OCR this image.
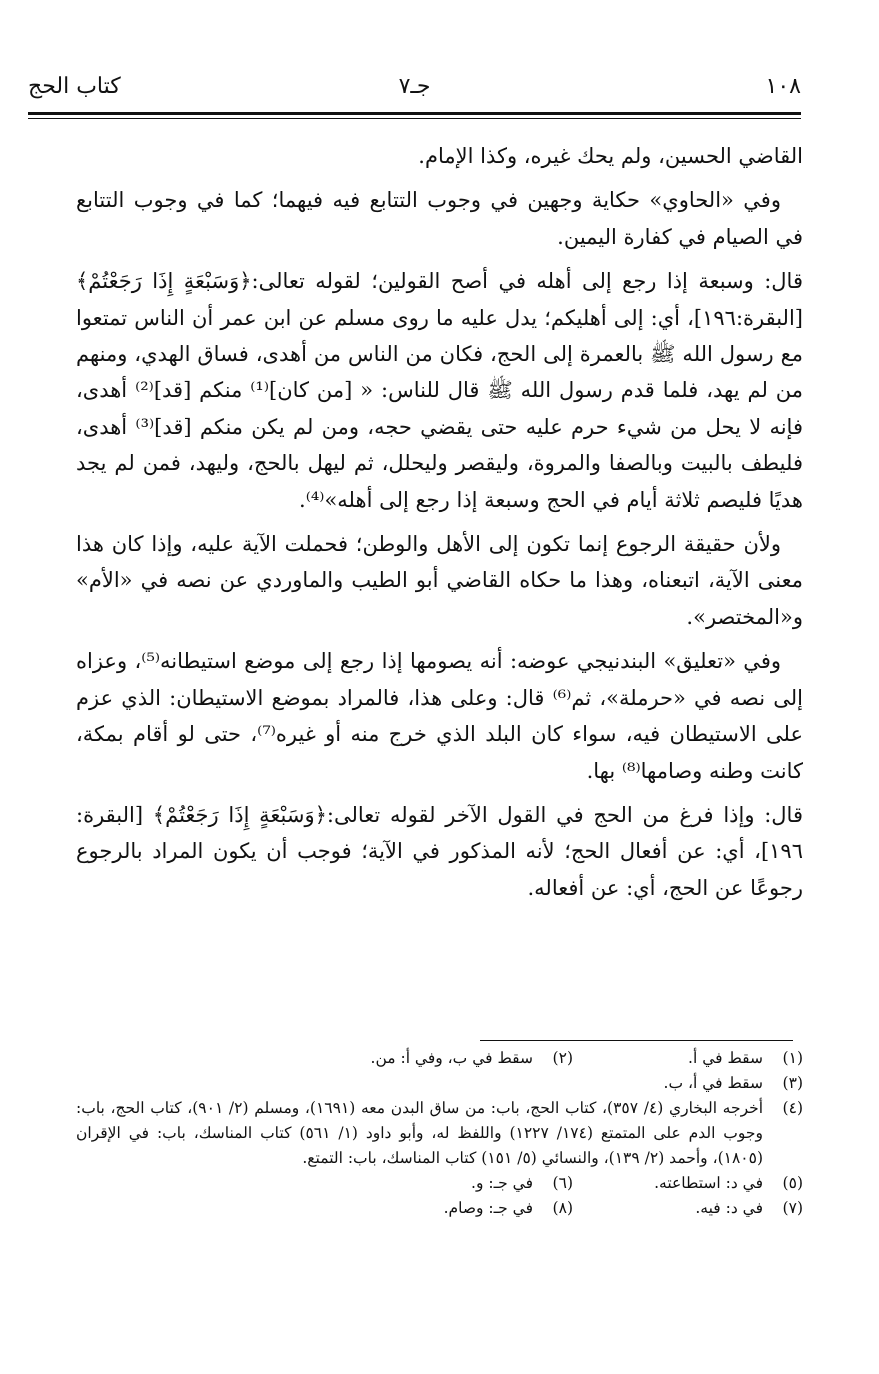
كتاب الحج	جـ٧	١٠٨

القاضي الحسين، ولم يحك غيره، وكذا الإمام.

وفي «الحاوي» حكاية وجهين في وجوب التتابع فيه فيهما؛ كما في وجوب التتابع في الصيام في كفارة اليمين.

قال: وسبعة إذا رجع إلى أهله في أصح القولين؛ لقوله تعالى:﴿وَسَبْعَةٍ إِذَا رَجَعْتُمْ﴾ [البقرة:١٩٦]، أي: إلى أهليكم؛ يدل عليه ما روى مسلم عن ابن عمر أن الناس تمتعوا مع رسول الله ﷺ بالعمرة إلى الحج، فكان من الناس من أهدى، فساق الهدي، ومنهم من لم يهد، فلما قدم رسول الله ﷺ قال للناس: « [من كان]⁽¹⁾ منكم [قد]⁽²⁾ أهدى، فإنه لا يحل من شيء حرم عليه حتى يقضي حجه، ومن لم يكن منكم [قد]⁽³⁾ أهدى، فليطف بالبيت وبالصفا والمروة، وليقصر وليحلل، ثم ليهل بالحج، وليهد، فمن لم يجد هديًا فليصم ثلاثة أيام في الحج وسبعة إذا رجع إلى أهله»⁽⁴⁾.

ولأن حقيقة الرجوع إنما تكون إلى الأهل والوطن؛ فحملت الآية عليه، وإذا كان هذا معنى الآية، اتبعناه، وهذا ما حكاه القاضي أبو الطيب والماوردي عن نصه في «الأم» و«المختصر».

وفي «تعليق» البندنيجي عوضه: أنه يصومها إذا رجع إلى موضع استيطانه⁽⁵⁾، وعزاه إلى نصه في «حرملة»، ثم⁽⁶⁾ قال: وعلى هذا، فالمراد بموضع الاستيطان: الذي عزم على الاستيطان فيه، سواء كان البلد الذي خرج منه أو غيره⁽⁷⁾، حتى لو أقام بمكة، كانت وطنه وصامها⁽⁸⁾ بها.

قال: وإذا فرغ من الحج في القول الآخر لقوله تعالى:﴿وَسَبْعَةٍ إِذَا رَجَعْتُمْ﴾ [البقرة: ١٩٦]، أي: عن أفعال الحج؛ لأنه المذكور في الآية؛ فوجب أن يكون المراد بالرجوع رجوعًا عن الحج، أي: عن أفعاله.

(١)
سقط في أ.
(٢)
سقط في ب، وفي أ: من.
(٣)
سقط في أ، ب.
(٤)
أخرجه البخاري (٤/ ٣٥٧)، كتاب الحج، باب: من ساق البدن معه (١٦٩١)، ومسلم (٢/ ٩٠١)، كتاب الحج، باب: وجوب الدم على المتمتع (١٧٤/ ١٢٢٧) واللفظ له، وأبو داود (١/ ٥٦١) كتاب المناسك، باب: في الإقران (١٨٠٥)، وأحمد (٢/ ١٣٩)، والنسائي (٥/ ١٥١) كتاب المناسك، باب: التمتع.
(٥)
في د: استطاعته.
(٦)
في جـ: و.
(٧)
في د: فيه.
(٨)
في جـ: وصام.
